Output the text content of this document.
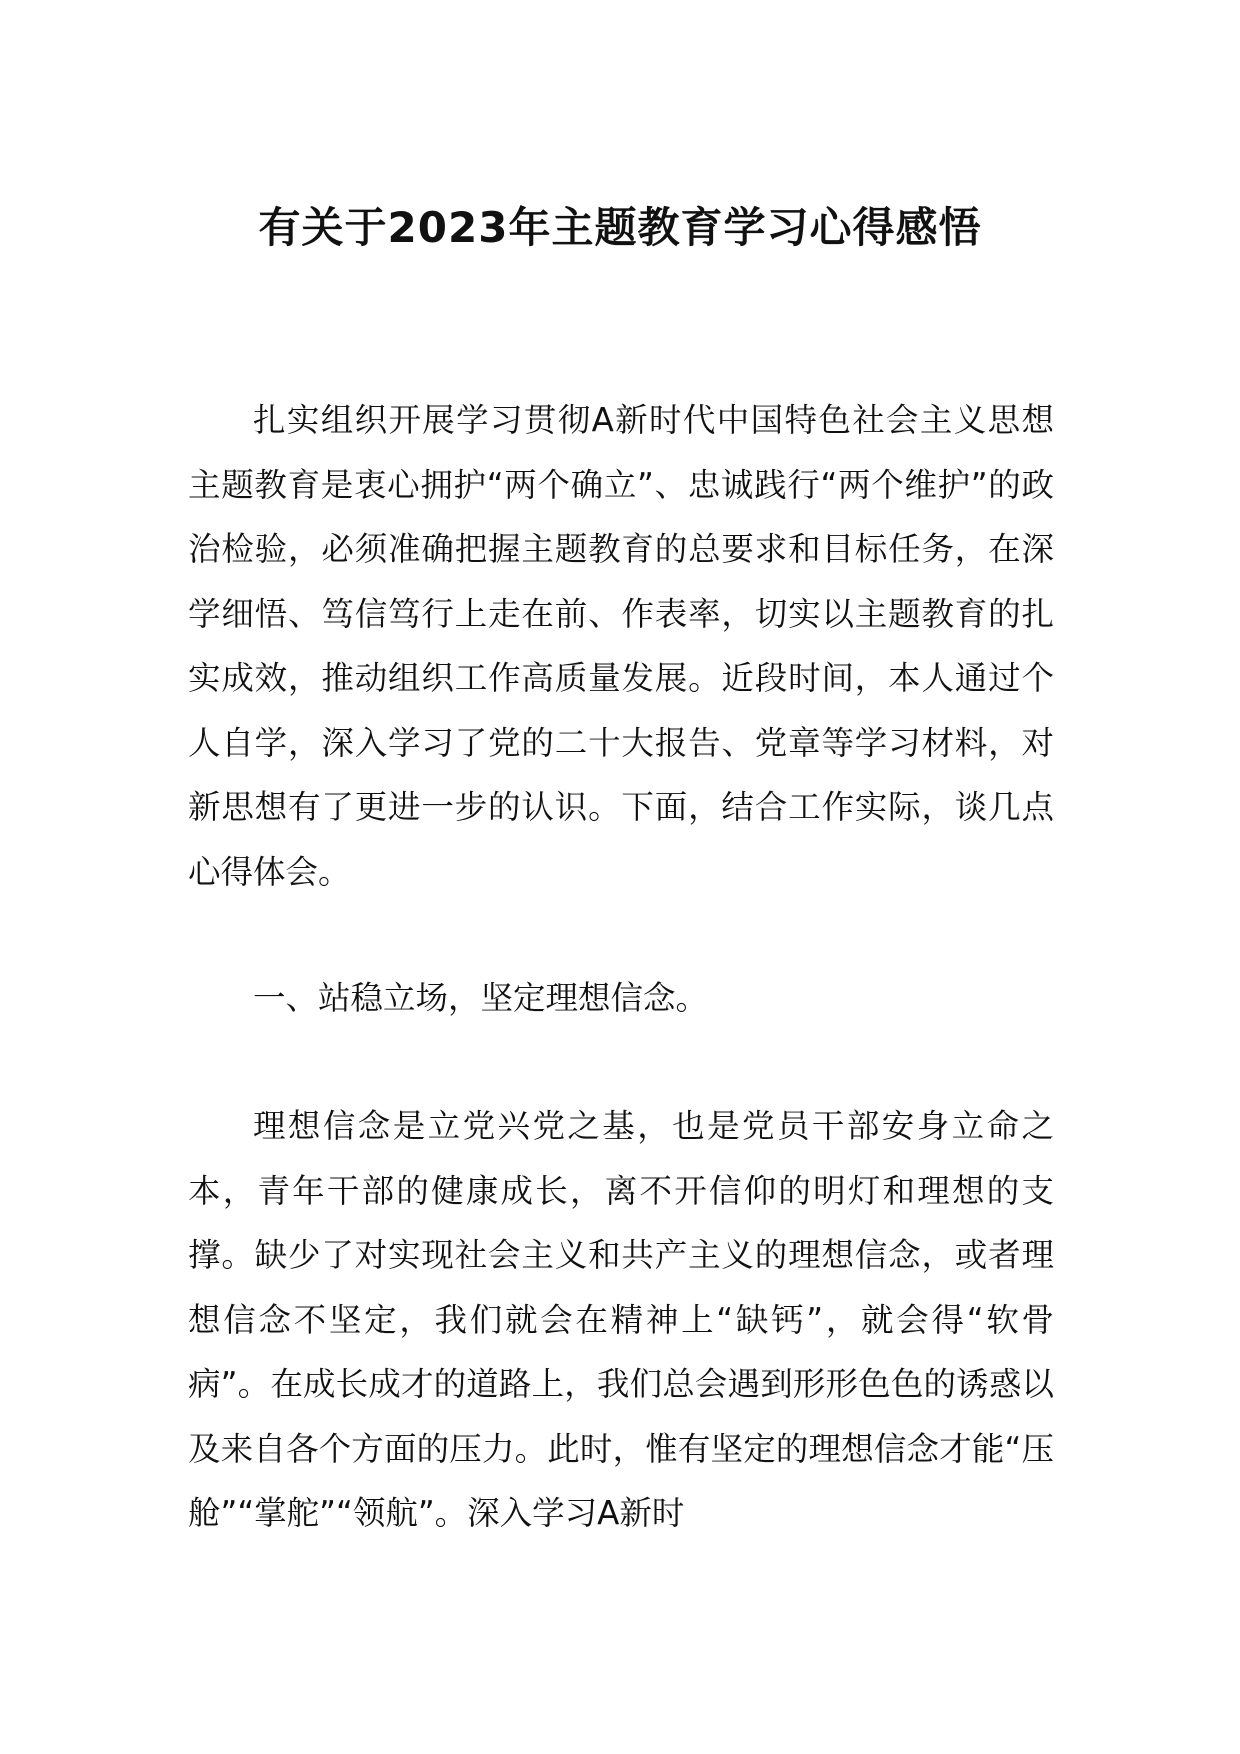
有关于2023年主题教育学习心得感悟

扎实组织开展学习贯彻A新时代中国特色社会主义思想主题教育是衷心拥护“两个确立”、忠诚践行“两个维护”的政治检验，必须准确把握主题教育的总要求和目标任务，在深学细悟、笃信笃行上走在前、作表率，切实以主题教育的扎实成效，推动组织工作高质量发展。近段时间，本人通过个人自学，深入学习了党的二十大报告、党章等学习材料，对新思想有了更进一步的认识。下面，结合工作实际，谈几点心得体会。

一、站稳立场，坚定理想信念。

理想信念是立党兴党之基，也是党员干部安身立命之本，青年干部的健康成长，离不开信仰的明灯和理想的支撑。缺少了对实现社会主义和共产主义的理想信念，或者理想信念不坚定，我们就会在精神上“缺钙”，就会得“软骨病”。在成长成才的道路上，我们总会遇到形形色色的诱惑以及来自各个方面的压力。此时，惟有坚定的理想信念才能“压舱”“掌舵”“领航”。深入学习A新时
